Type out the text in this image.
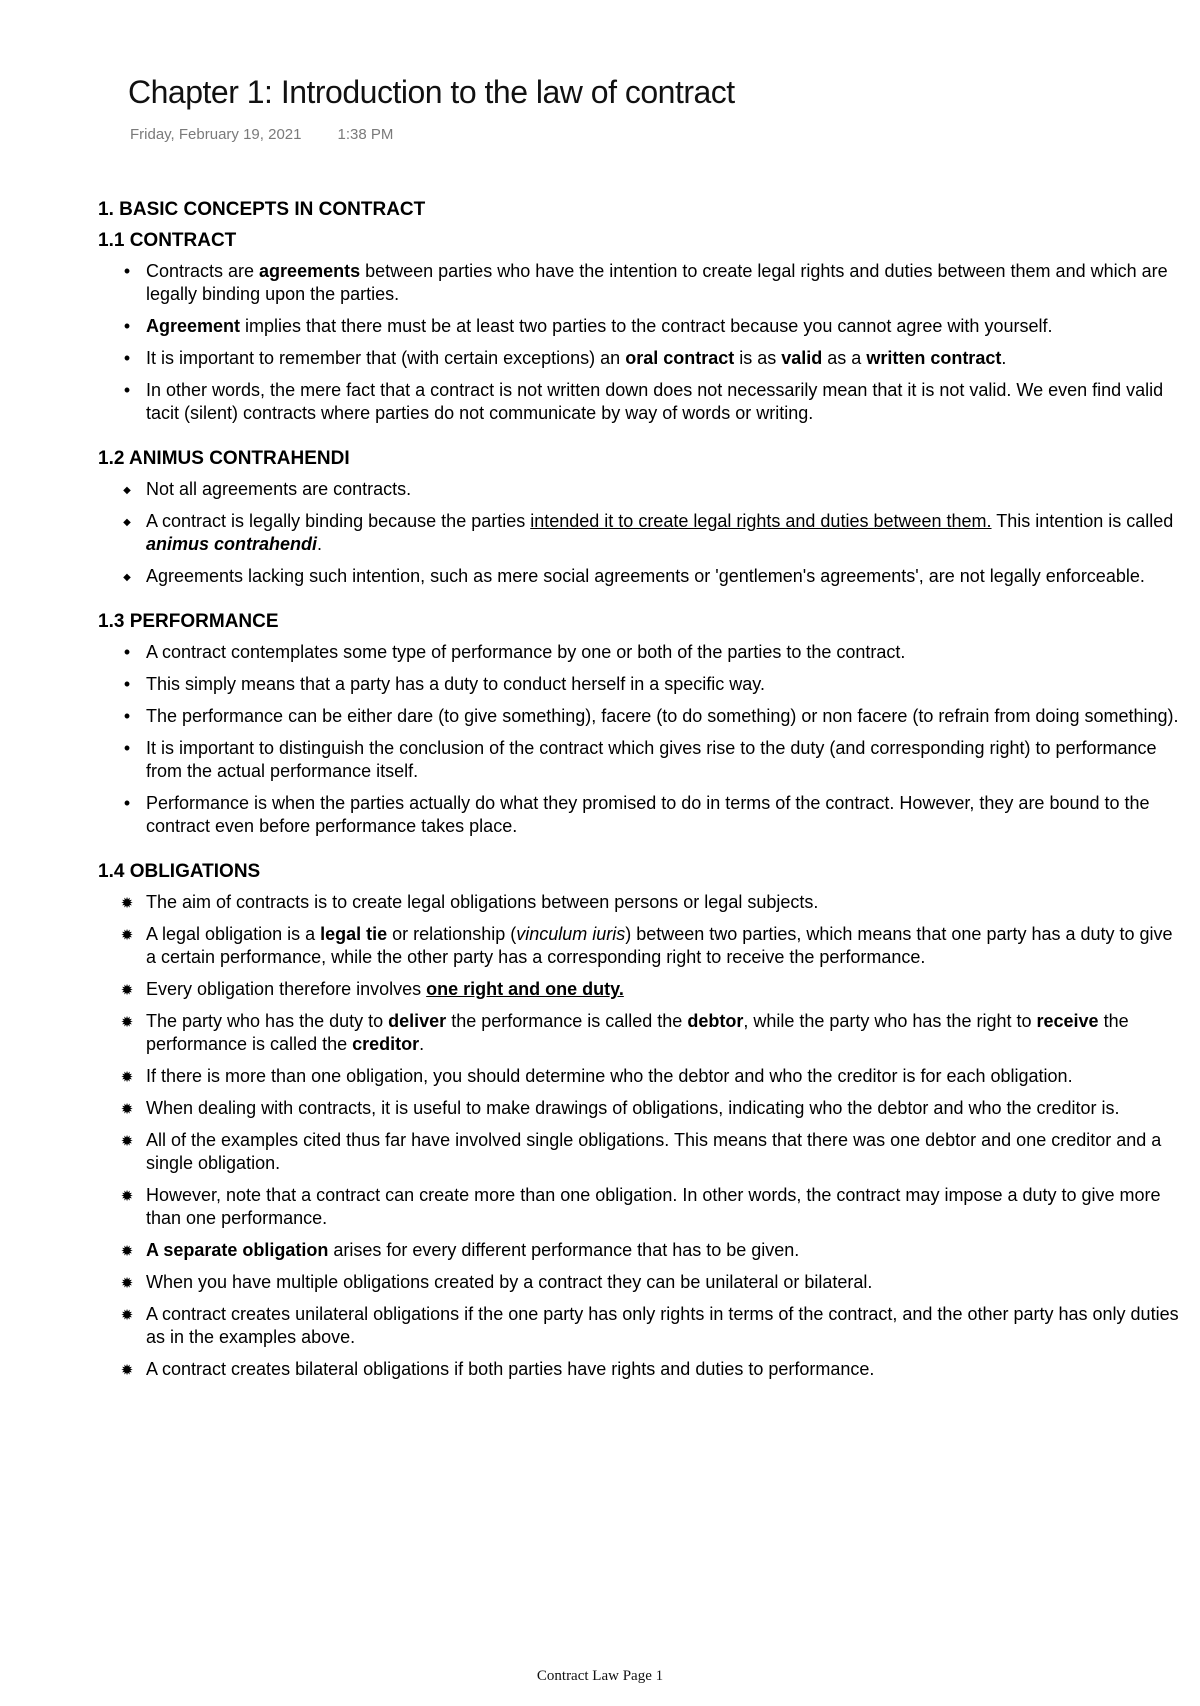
Chapter 1: Introduction to the law of contract
Friday, February 19, 2021 1:38 PM
1. BASIC CONCEPTS IN CONTRACT
1.1 CONTRACT
•
Contracts are agreements between parties who have the intention to create legal rights and duties between them and which are legally binding upon the parties.
•
Agreement implies that there must be at least two parties to the contract because you cannot agree with yourself.
•
It is important to remember that (with certain exceptions) an oral contract is as valid as a written contract.
•
In other words, the mere fact that a contract is not written down does not necessarily mean that it is not valid. We even find valid tacit (silent) contracts where parties do not communicate by way of words or writing.
1.2 ANIMUS CONTRAHENDI
◆
Not all agreements are contracts.
◆
A contract is legally binding because the parties intended it to create legal rights and duties between them. This intention is called animus contrahendi.
◆
Agreements lacking such intention, such as mere social agreements or 'gentlemen's agreements', are not legally enforceable.
1.3 PERFORMANCE
•
A contract contemplates some type of performance by one or both of the parties to the contract.
•
This simply means that a party has a duty to conduct herself in a specific way.
•
The performance can be either dare (to give something), facere (to do something) or non facere (to refrain from doing something).
•
It is important to distinguish the conclusion of the contract which gives rise to the duty (and corresponding right) to performance from the actual performance itself.
•
Performance is when the parties actually do what they promised to do in terms of the contract. However, they are bound to the contract even before performance takes place.
1.4 OBLIGATIONS
✹
The aim of contracts is to create legal obligations between persons or legal subjects.
✹
A legal obligation is a legal tie or relationship (vinculum iuris) between two parties, which means that one party has a duty to give a certain performance, while the other party has a corresponding right to receive the performance.
✹
Every obligation therefore involves one right and one duty.
✹
The party who has the duty to deliver the performance is called the debtor, while the party who has the right to receive the performance is called the creditor.
✹
If there is more than one obligation, you should determine who the debtor and who the creditor is for each obligation.
✹
When dealing with contracts, it is useful to make drawings of obligations, indicating who the debtor and who the creditor is.
✹
All of the examples cited thus far have involved single obligations. This means that there was one debtor and one creditor and a single obligation.
✹
However, note that a contract can create more than one obligation. In other words, the contract may impose a duty to give more than one performance.
✹
A separate obligation arises for every different performance that has to be given.
✹
When you have multiple obligations created by a contract they can be unilateral or bilateral.
✹
A contract creates unilateral obligations if the one party has only rights in terms of the contract, and the other party has only duties as in the examples above.
✹
A contract creates bilateral obligations if both parties have rights and duties to performance.
Contract Law Page 1
